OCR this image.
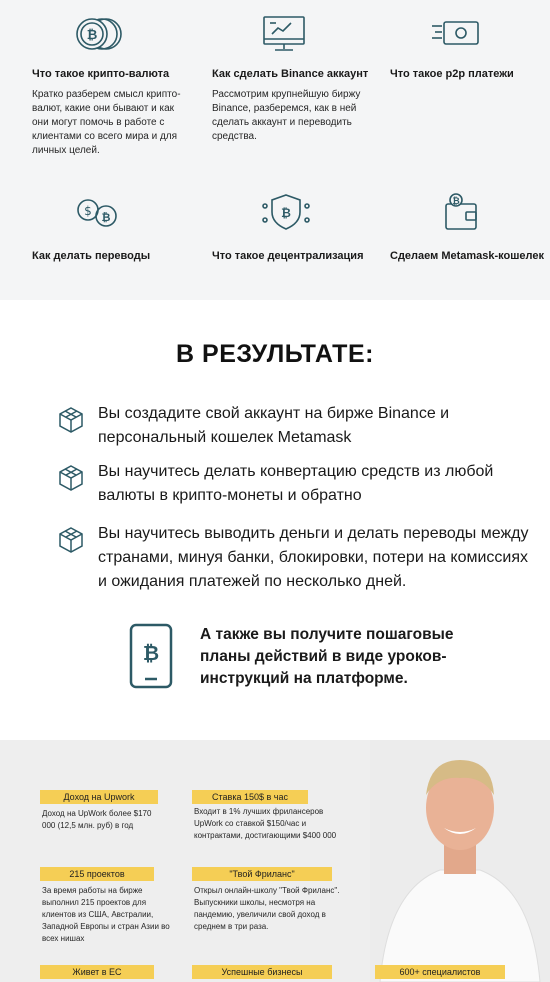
₿
Что такое крипто-валюта
Кратко разберем смысл крипто-валют, какие они бывают и как они могут помочь в работе с клиентами со всего мира и для личных целей.
Как сделать Binance аккаунт
Рассмотрим крупнейшую биржу Binance, разберемся, как в ней сделать аккаунт и переводить средства.
Что такое p2p платежи
$ ₿
Как делать переводы
₿
Что такое децентрализация
₿
Сделаем Metamask-кошелек
В РЕЗУЛЬТАТЕ:
Вы создадите свой аккаунт на бирже Binance и персональный кошелек Metamask
Вы научитесь делать конвертацию средств из любой валюты в крипто-монеты и обратно
Вы научитесь выводить деньги и делать переводы между странами, минуя банки, блокировки, потери на комиссиях и ожидания платежей по несколько дней.
₿
А также вы получите пошаговые планы действий в виде уроков-инструкций на платформе.
Доход на Upwork
Доход на UpWork более $170 000 (12,5 млн. руб) в год
Ставка 150$ в час
Входит в 1% лучших фрилансеров UpWork со ставкой $150/час и контрактами, достигающими $400 000
215 проектов
За время работы на бирже выполнил 215 проектов для клиентов из США, Австралии, Западной Европы и стран Азии во всех нишах
"Твой Фриланс"
Открыл онлайн-школу "Твой Фриланс". Выпускники школы, несмотря на пандемию, увеличили свой доход в среднем в три раза.
Живет в ЕС	Успешные бизнесы	600+ специалистов
